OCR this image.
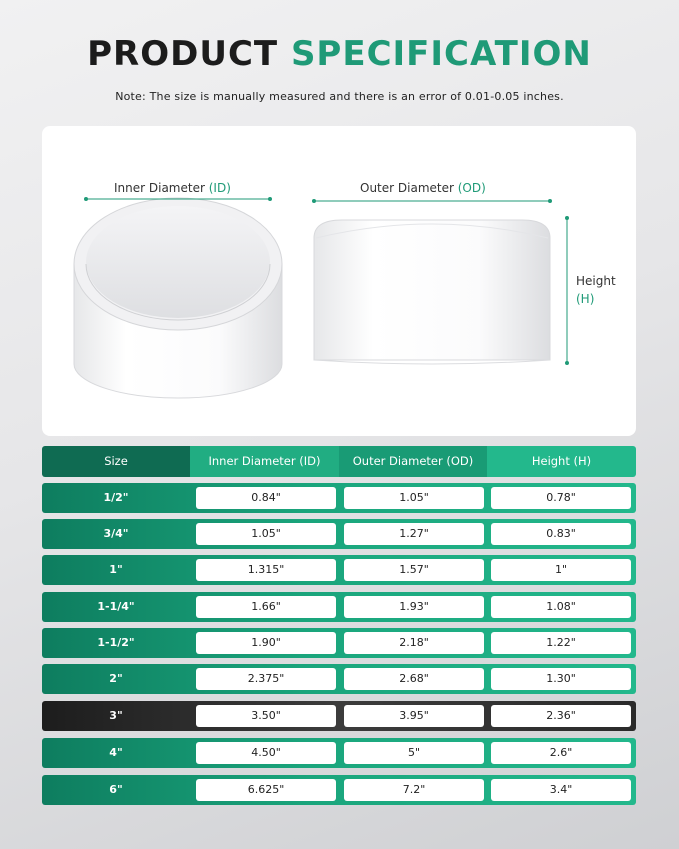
PRODUCT SPECIFICATION
Note: The size is manually measured and there is an error of 0.01-0.05 inches.
Inner Diameter (ID)	Outer Diameter (OD)
Height
(H)
Size	Inner Diameter (ID)	Outer Diameter (OD)	Height (H)
1/2"	0.84"	1.05"	0.78"
3/4"	1.05"	1.27"	0.83"
1"	1.315"	1.57"	1"
1-1/4"	1.66"	1.93"	1.08"
1-1/2"	1.90"	2.18"	1.22"
2"	2.375"	2.68"	1.30"
3"	3.50"	3.95"	2.36"
4"	4.50"	5"	2.6"
6"	6.625"	7.2"	3.4"
